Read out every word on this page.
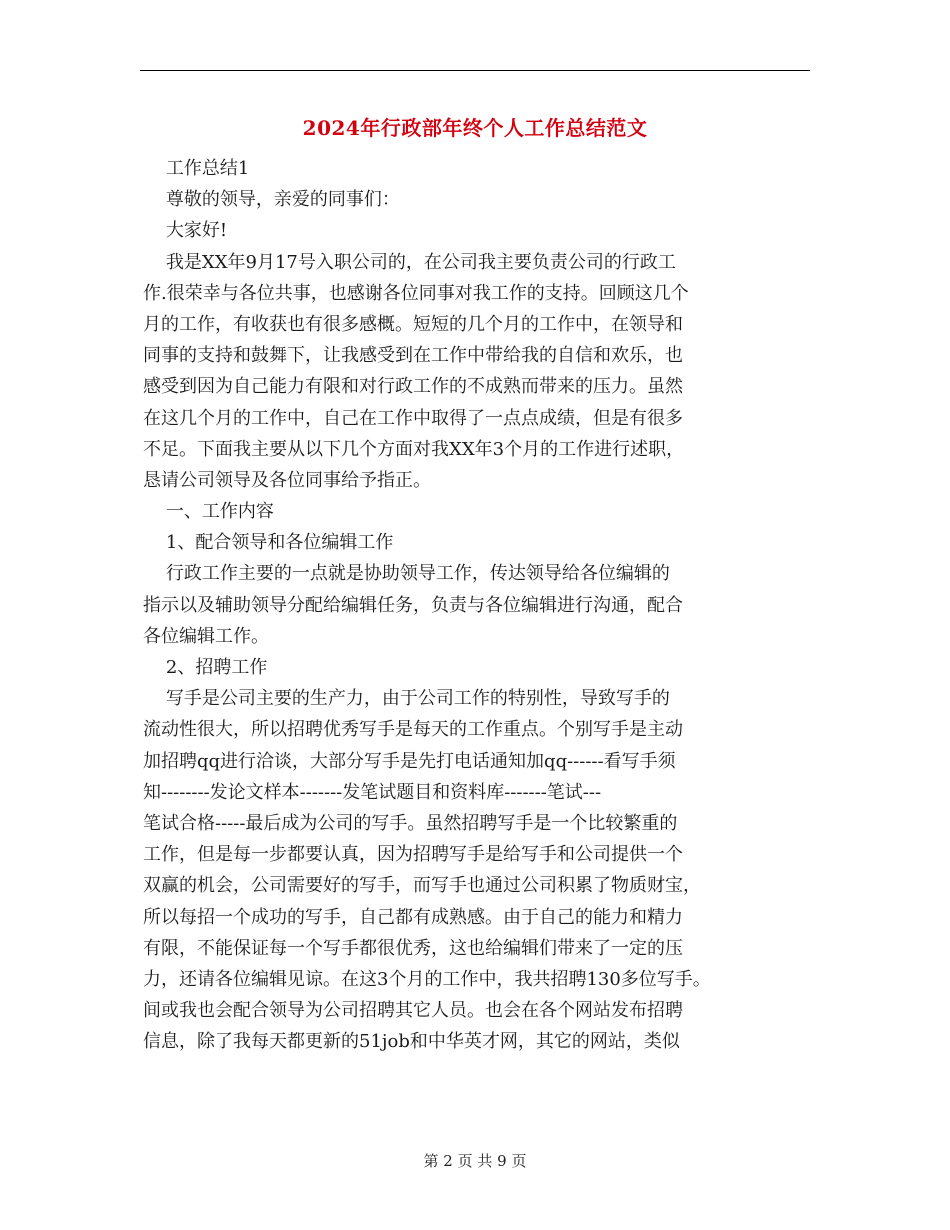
2024年行政部年终个人工作总结范文
工作总结1
尊敬的领导，亲爱的同事们：
大家好!
我是XX年9月17号入职公司的，在公司我主要负责公司的行政工
作.很荣幸与各位共事，也感谢各位同事对我工作的支持。回顾这几个
月的工作，有收获也有很多感概。短短的几个月的工作中，在领导和
同事的支持和鼓舞下，让我感受到在工作中带给我的自信和欢乐，也
感受到因为自己能力有限和对行政工作的不成熟而带来的压力。虽然
在这几个月的工作中，自己在工作中取得了一点点成绩，但是有很多
不足。下面我主要从以下几个方面对我XX年3个月的工作进行述职，
恳请公司领导及各位同事给予指正。
一、工作内容
1、配合领导和各位编辑工作
行政工作主要的一点就是协助领导工作，传达领导给各位编辑的
指示以及辅助领导分配给编辑任务，负责与各位编辑进行沟通，配合
各位编辑工作。
2、招聘工作
写手是公司主要的生产力，由于公司工作的特别性，导致写手的
流动性很大，所以招聘优秀写手是每天的工作重点。个别写手是主动
加招聘qq进行洽谈，大部分写手是先打电话通知加qq------看写手须
知--------发论文样本-------发笔试题目和资料库-------笔试---
笔试合格-----最后成为公司的写手。虽然招聘写手是一个比较繁重的
工作，但是每一步都要认真，因为招聘写手是给写手和公司提供一个
双赢的机会，公司需要好的写手，而写手也通过公司积累了物质财宝，
所以每招一个成功的写手，自己都有成熟感。由于自己的能力和精力
有限，不能保证每一个写手都很优秀，这也给编辑们带来了一定的压
力，还请各位编辑见谅。在这3个月的工作中，我共招聘130多位写手。
间或我也会配合领导为公司招聘其它人员。也会在各个网站发布招聘
信息，除了我每天都更新的51job和中华英才网，其它的网站，类似
第 2 页 共 9 页
